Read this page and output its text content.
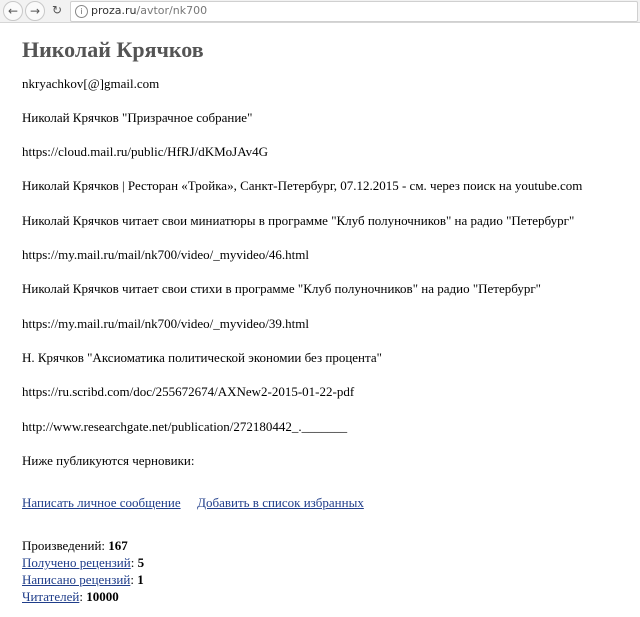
← → ↻	i proza.ru/avtor/nk700
Николай Крячков
nkryachkov[@]gmail.com
Николай Крячков "Призрачное собрание"
https://cloud.mail.ru/public/HfRJ/dKMoJAv4G
Николай Крячков | Ресторан «Тройка», Санкт-Петербург, 07.12.2015 - см. через поиск на youtube.com
Николай Крячков читает свои миниатюры в программе "Клуб полуночников" на радио "Петербург"
https://my.mail.ru/mail/nk700/video/_myvideo/46.html
Николай Крячков читает свои стихи в программе "Клуб полуночников" на радио "Петербург"
https://my.mail.ru/mail/nk700/video/_myvideo/39.html
Н. Крячков "Аксиоматика политической экономии без процента"
https://ru.scribd.com/doc/255672674/AXNew2-2015-01-22-pdf
http://www.researchgate.net/publication/272180442_._______
Ниже публикуются черновики:
Написать личное сообщение Добавить в список избранных
Произведений: 167
Получено рецензий: 5
Написано рецензий: 1
Читателей: 10000
